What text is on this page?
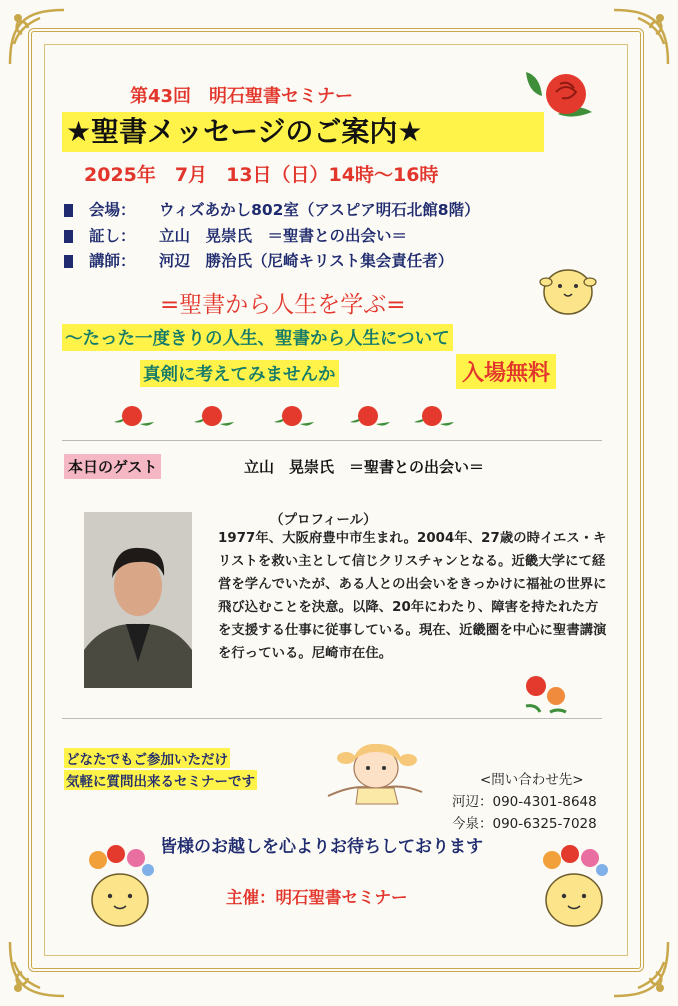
第43回　明石聖書セミナー
★聖書メッセージのご案内★
2025年　7月　13日（日）14時～16時
会場： ウィズあかし802室（アスピア明石北館8階）
証し： 立山　晃崇氏　＝聖書との出会い＝
講師： 河辺　勝治氏（尼崎キリスト集会責任者）
=聖書から人生を学ぶ=
～たった一度きりの人生、聖書から人生について
真剣に考えてみませんか	入場無料
本日のゲスト	立山　晃崇氏　＝聖書との出会い＝
（プロフィール）
1977年、大阪府豊中市生まれ。2004年、27歳の時イエス・キリストを救い主として信じクリスチャンとなる。近畿大学にて経営を学んでいたが、ある人との出会いをきっかけに福祉の世界に飛び込むことを決意。以降、20年にわたり、障害を持たれた方を支援する仕事に従事している。現在、近畿圏を中心に聖書講演を行っている。尼崎市在住。
どなたでもご参加いただけ
気軽に質問出来るセミナーです	<問い合わせ先>
河辺：090-4301-8648
今泉：090-6325-7028
皆様のお越しを心よりお待ちしております
主催：明石聖書セミナー
